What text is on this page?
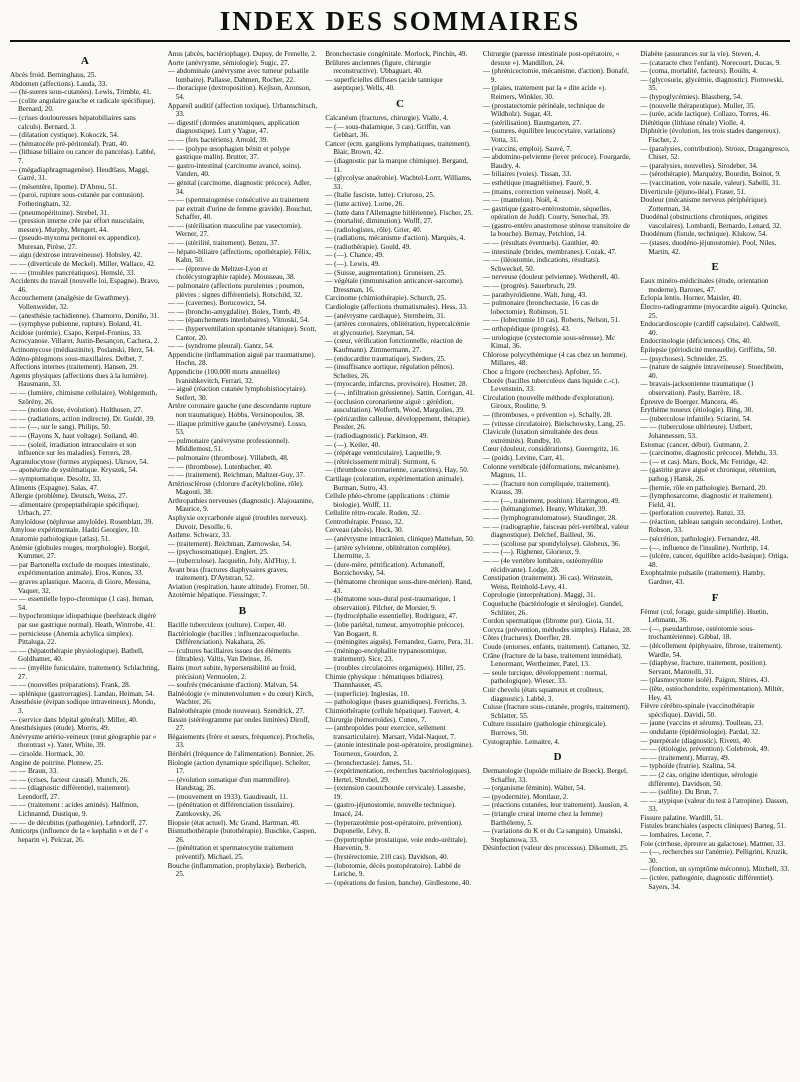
INDEX DES SOMMAIRES
A
Abcès froid. Berninghaus, 25.
Abdomen (affections). Lauda, 33.
— (hi-sueres sous-cutanées). Lewis, Trimble, 41.
— (colite angulaire gauche et radicale spécifique). Bernard, 20.
— (crises douloureuses hépatobiliaires sans calculs). Bernard, 3.
— (dilatation cystique). Kokoczk, 54.
— (hématocèle pré-péritonéal). Pratt, 40.
— (lithiase biliaire ou cancer du pancréas). Labbé, 7.
— (mégadiaphragmagenèse). Heudtlass, Maggi, Garré, 31.
— (mésentère, lipome). D'Abreu, 51.
— (paroi, rupture sous-cutanée par contusion). Fotheringham, 32.
— (pneumopéritoine). Strebel, 31.
— (pression interne crée par effort musculaire, mesure). Murphy, Mengert, 44.
— (pseudo-myxoma peritonei ex appendice). Muresan, Pirèse, 27.
— aigu (dextrose intraveineuse). Hobsley, 42.
— — (diverticule de Meckel). Miller, Wallace, 42.
— — (troubles pancréatiques). Hemslé, 33.
Accidents du travail (nouvelle loi, Espagne). Bravo, 46.
Accouchement (analgésie de Gwathmey). Vollenweider, 32.
— (anesthésie rachidienne). Chamorro, Doniño, 31.
— (symphyse pubienne, rupture). Boland, 41.
Acidose (urémie). Csapo, Kerpel-Fronius, 33.
Acrocyanose. Villaret, Justin-Besançon, Cachera, 2.
Actinomycose (médiastinite). Poslanski, Herz, 54.
Adéno-phlegmons sous-maxillaires. Delbet, 7.
Affections internes (traitement). Hansen, 29.
Agents physiques (affections dues à la lumière). Hausmann, 33.
— — (lumière, chimisme cellulaire). Wohlgemuth, Szörény, 26.
— — (notion dose, évolution). Holthusen, 27.
— — (radiations, action indirecte). Dr. Guédé, 39.
— — (—, sur le sang). Philips, 50.
— — (Rayons X, haut voltage). Soiland, 40.
— — (soleil, irradiation intraoculaire et son influence sur les maladies). Ferrers, 28.
Agranulocytose (formes atypiques). Ukrsov, 54.
— aponéurite de systématique. Kryszek, 54.
— symptomatique. Desoltz, 33.
Aliments (Espagne). Salas, 47.
Allergie (problème). Deutsch, Weiss, 27.
— alimentaire (propeptathérapie spécifique). Urbach, 27.
Amyloïdose (néphrose amyloïde). Rosenblatt, 39.
Amylose expérimentale. Hadzi Georgiev, 10.
Anatomie pathologique (atlas). 51.
Anémie (globules rouges, morphologie). Borgel, Kummer, 27.
— par Bartonella exclude de moques intestinale, expérimentation animale). Eros, Kunos, 33.
— graves aplastique. Macera, di Giore, Messina, Vaquer, 32.
— — essentielle hypo-chromique (1 cas). Iteman, 54.
— hypochromique idiopathique (beefsteack digéré par sue gastrique normal). Heath, Wintrobe, 41.
— pernicieuse (Anemia achylica simplex). Pittaluga, 22.
— — (hépatothérapie physiologique). Bathell, Goldhamer, 40.
— — (myélite funiculaire, traitement). Schlachting, 27.
— — (nouvelles préparations). Frank, 28.
— splénique (gastrorragies). Landau, Heiman, 54.
Anesthésie (évipan sodique intraveineux). Mondo, 3.
— (service dans hôpital général). Miller, 40.
Anesthésiques (étude). Morris, 49.
Anévrysme artério-veineux (rœut géographie par « thorotrast »). Yater, White, 39.
— cirsoïde. Hormack, 30.
Angine de poitrine. Plotnew, 25.
— — Braun, 33.
— — (crises, facteur causal). Munch, 26.
— — (diagnostic différentiel, traitement). Leendorff, 27.
— — (traitement : acides aminés). Halfmon, Lichnannd, Dustique, 9.
— — de décubitus (pathogénie). Lehndorff, 27.
Anticorps (influence de la « kephalin » et de l' « heparin »). Pelczar, 26.
Anus (abcès, bactériophage). Dupuy, de Frenelle, 2.
Aorte (anévrysme, sémiologie). Sugic, 27.
— abdominale (anévrysme avec tumeur pulsatile lombaire). Pallasse, Dahmen, Rocher, 22.
— thoracique (dextroposition). Kejlson, Aronson, 54.
Appareil auditif (affection toxique). Urbantschitsch, 33.
— digestif (données anatomiques, application diagnostique). Lurt y Yague, 47.
— — (fers bactériens). Arnold, 39.
— — (polype œsophagien bénin et polype gastrique malin). Brutter, 37.
— gastro-intestinal (carcinome avancé, soins). Vanden, 40.
— génital (carcinome, diagnostic précoce). Adler, 34.
— — (spermatogenèse consécutive au traitement par extrait d'urine de femme gravide). Bouchut, Schaffer, 40.
— — (stérilisation masculine par vasectomie). Werner, 27.
— — (stérilité, traitement). Benzu, 37.
— hépato-biliaire (affections, opothérapie). Félix, Kahn, 50.
— — (épreuve de Meltzer-Lyon et cholécystographie rapide). Mousseau, 38.
— pulmonaire (affections purulentes ; poumon, plèvres : signes différentiels). Rotschild, 32.
— — (cavernes). Borucowicz, 54.
— — (broncho-amygdalite). Bolex, Tomb, 49.
— — (épanchements interlobaires). Vitnoski, 54.
— — (hyperventilation spontanée tétanique). Scott, Cantor, 20.
— — (syndrome pleural). Gantz, 54.
Appendicite (inflammation aiguë par traumatisme). Hochn, 28.
Appendicite (100.000 morts annuelles) Ivanishkevitch, Ferrari, 32.
— aiguë (réaction cutanée lymphohistiocytaire). Seifert, 30.
Artère coronaire gauche (une descendante rupture non traumatique). Hobbs, Versinopoulos, 38.
— iliaque primitive gauche (anévrysme). Losso, 53.
— pulmonaire (anévrysme professionnel). Middlemost, 51.
— pulmonaire (thrombose). Villabeth, 48.
— — (thrombose). Lutenbacher, 40.
— — (traitement). Reichman, Maltzer-Guy, 37.
Artériosclérose (chlorure d'acétylcholine, rôle). Magouti, 38.
Arthropathies nerveuses (diagnostic). Alajouanine, Maurice, 9.
Asphyxie oxycarbonée aiguë (troubles nerveux). Duvoir, Desoille, 6.
Asthme. Schwarz, 33.
— (traitement). Reichman, Zarnowske, 54.
— (psychosomatique). Englert, 25.
— (tuberculose). Jacquelin, Joly, Ald'Huy, 1.
Avant bras (fractures diaphysaires graves, traitement). D'Aytstran, 52.
Aviation (respiration, haute altitude). Fromer, 50.
Azotémie hépatique. Fiessinger, 7.
B
Bacille tuberculeux (culture). Corper, 40.
Bactériologie (bacilles ; influenzacoqueluche. Différenciation). Nakahara, 26.
— (cultures bacillaires issues des éléments filtrables). Valtis, Van Deinse, 16.
Bains (mort subite, hypersensibilité au froid, précision) Vermoolen, 2.
— soufrés (mécanisme d'action). Malvan, 54.
Balnéologie (« minutenvolumen » du cœur) Kirch, Wachter, 26.
Balnéothérapie (mode nouveau). Szendrick, 27.
Bassin (stéréogramme par ondes limitées) Diroff, 27.
Bégaiements (frère et sœurs, fréquence). Prochelis, 33.
Béribéri (fréquence de l'alimentation). Bonnier, 26.
Biologie (action dynamique spécifique). Schelter, 17.
— (évolution somatique d'un mammifère). Handstag, 26.
— (mouvement en 1933). Gaudreault, 11.
— (pénétration et différenciation tissulaire). Zamkovsky, 26.
Biopsie (état actuel). Mc Grand, Hartman, 40.
Bismuthothérapie (butothérapie). Buschke, Caspen, 26.
— (pénétration et spermatocytite traitement préventif). Michael, 25.
Bouche (inflammation, prophylaxie). Berberich, 25.
Bronchectasie congénitale. Morlock, Pinchin, 49.
Brûlures anciennes (figure, chirurgie reconstructive). Ubbaguart, 40.
— superficielles diffuses (acide tannique aseptique). Wells, 40.
C
Calcanéum (fractures, chirurgie). Vialle, 4.
— (— sous-thalamique, 3 cas). Griffin, van Gebhart, 36.
Cancer (ecm. ganglions lymphatiques, traitement). Blair, Brown, 42.
— (diagnostic par la marque chimique). Bergand, 11.
— (glycolyse anaérobie). Wachtel-Lorrt, Williams, 33.
— (Italie fasciste, lutte). Criuroso, 25.
— (lutte active). Lorne, 26.
— (lutte dans l'Allemagne hitlérienne). Fischer, 25.
— (mortalité, diminution). Wolff, 27.
— (radiologistes, rôle). Grier, 40.
— (radiations, mécanisme d'action). Marquès, 4.
— (radiothérapie). Gould, 49.
— (—). Chance, 49.
— (—). Lewis, 49.
— (Suisse, augmentation). Gruneisen, 25.
— végétale (immunisation anticancer-sarcome). Dressman, 16.
Carcinome (chimiothérapie). Schurch, 25.
Cardiologie (affections rhumatismales). Hess, 33.
— (anévrysme cardiaque). Sternheim, 31.
— (artères coronaires, oblitération, hypercalcémie et glycosurie). Szeyman, 54.
— (cœur, vérification fonctionnelle, réaction de Kaufmann). Zimmermann, 27.
— (endocardite traumatique). Sieders, 25.
— (insuffisance aortique, régulation pélnos). Scheltes, 26.
— (myocarde, infarctus, provisoire). Hosmer, 28.
— (—, infiltration gréssienne). Sattin, Corrigan, 41.
— (occlusion coronarienne aiguë : gérédion, auscultation). Wolferth, Wood, Margolies, 39.
— (péricardite calleuse, développement, thérapie). Pessler, 26.
— (radiodiagnostic). Parkinson, 49.
— (—). Keiler, 40.
— (répérage ventriculaire). Laqueille, 9.
— (rétrécissement mitral). Surmont, 6.
— (thrombose coronarienne, caractères). Hay, 50.
Cartilage (coloration, expérimentation animale). Burman, Sutro, 43.
Cellule phéo-chrome (applications : chimie biologie). Wolff, 11.
Cellulite rétro-rocale. Roden, 32.
Centrothérapie. Prusso, 32.
Cerveau (abcès). Hock, 30.
— (anévrysme intracrânien, clinique) Mattehan, 50.
— (artère sylvienne, oblitération complète). Lhermitte, 3.
— (dure-mère, pétrification). Achmanoff, Borzichovsky, 54.
— (hématome chronique sous-dure-mérien). Rand, 43.
— (hématome sous-dural post-traumatique, 1 observation). Pilcher, de Morsier, 9.
— (hydrocéphalie essentielle). Rodriguez, 47.
— (lobe pariétal, tumeur, amyotrophie précoce). Van Bogaert, 8.
— (méningites aiguës). Fernandez, Garre, Pera, 31.
— (méningo-encéphalite trypanosomique, traitement). Sice, 23.
— (troubles circulatoires organiques). Hiller, 25.
Chimie (physique : hématiques biliaires). Thannhauser, 45.
— (superficie). Inglesias, 10.
— pathologique (bases guanidiques). Frerichs, 3.
Chimiothérapie (cellule hépatique). Fauvert, 4.
Chirurgie (hémorroïdes). Cuneo, 7.
— (anthropoïdes pour exercice, sellement transarticulaire). Marsarr, Vidal-Naquet, 7.
— (atonie intestinale post-opératoire, prostigmine). Tourneux, Gourdon, 2.
— (bronchectasie). James, 51.
— (expérimentation, recherches bactériologiques). Hertel, Shrobel, 29.
— (extension caoutchoutée cervicale). Lassesbe, 19.
— (gastro-jéjunostomie, nouvelle technique). Imacé, 24.
— (hyperazotémie post-opératoire, prévention). Duponelle, Lévy, 8.
— (hypertrophie prostatique, voie endo-urétrale). Huevenin, 9.
— (hystérectomie, 210 cas). Davidson, 40.
— (lobotomie, décès postopératoire). Labbé de Leriche, 9.
— (opérations de fusion, banche). Girdlestone, 40.
Chirurgie (paresse intestinale post-opératoire, « desuxe »). Mandillon, 24.
— (phrénicectomie, mécanisme, d'action). Bonafé, 9.
— (plaies, traitement par la « dite acide »). Reimers, Winkler, 30.
— (prostatectomie périnéale, technique de Wildholz). Sugar, 43.
— (stérilisation). Baumgarten, 27.
— (sutures, équilibre leucocytaire, variations) Votta, 31.
— (vaccins, emploi). Sauvé, 7.
— abdomino-pelvienne (lever précoce). Fourgarde, Baudry, 4.
— biliaires (voies). Tissan, 33.
— esthétique (magnétisme). Fauré, 9.
— (mains, correction veineuse). Noël, 4.
— — (mamelon). Noël, 4.
— gastrique (gastro-entérostomie, séquelles, opération de Judd). Courty, Senechal, 39.
— (gastro-entéro anastomose sténose transitoire de la bouche). Bernay, Petchlon, 14.
— — (résultats éventuels). Gauthier, 40.
— intestinale (brides, membranes). Cozak, 47.
— — (iléostomie, indications, résultats). Schweckel, 50.
— nerveuse (douleur pelvienne). Wetherell, 40.
— — (progrès). Sauerbruch, 29.
— parathyroïdienne. Walt, Jung, 43.
— pulmonaire (bronchectasie, 16 cas de lobectomie). Robinson, 51.
— — (lobectomie 10 cas). Roberts, Nelson, 51.
— orthopédique (progrès). 43.
— urologique (cystectomie sous-séreuse). Mc Kimal, 36.
Chlorose polycythémique (4 cas chez un homme). Millares, 48.
Choc a frigore (recherches). Apfolter, 55.
Chorée (bacilles tuberculeux dans liquide c.-r.). Levenstein, 33.
Circulation (nouvelle méthode d'exploration). Giroux, Roulitte, 9.
— (thromboses, « prévention »). Schally, 28.
— (vitesse circulatoire). Bielschowsky, Lang, 25.
Clavicule (luxation simultanée des deux extrémités). Rundby, 10.
Cœur (douleur, considérations). Guerngritz, 16.
— (poids). Levine, Carr, 41.
Colonne vertébrale (déformations, mécanisme). Magnus, 11.
— — (fracture non compliquée, traitement). Krauss, 39.
— — (—, traitement, position). Harrington, 49.
— — (hémangiome). Heany, Whitaker, 39.
— — (lymphogranulomatose). Staudinger, 28.
— — (radiographie, faisceau péri-vertébral, valeur diagnostique). Delchef, Bailleul, 36.
— — (scoliose par spondylolyse). Globeux, 36.
— — (—). Rigbener, Glorieux, 9.
— — (4e vertèbre lombaire, ostéomyélite récidivante). Lodge, 28.
Constipation (traitement). 36 cas). Wrinstein, Weiss, Reinhold-Levy, 41.
Coprologie (interprétation). Maggi, 31.
Coqueluche (bactériologie et sérologie). Gundel, Schlüter, 26.
Cordon spermatique (fibrome pur). Gioia, 31.
Coryza (prévention, méthodes simples). Halasz, 28.
Côtes (fractures). Doerfler, 28.
Coude (entorses, enfants, traitement). Cattaneo, 32.
Crâne (fracture de la base, traitement immédiat). Lenormant, Wertheimer, Patel, 13.
— seule turcique, développement : normal, pathologique). Wieser, 33.
Cuir chevelu (états squameux et croûteux, diagnostic). Labbé, 3.
Cuisse (fracture sous-cutanée, progrès, traitement). Schlatter, 55.
Culture tissulaire (pathologie chirurgicale). Burrows, 50.
Cystographie. Lemaitre, 4.
D
Dermatologie (lupoïde miliaire de Boeck). Bergel, Schaffer, 33.
— (organisme féminin). Walter, 54.
— (pyodermite). Montlaur, 2.
— (réactions cutanées, leur traitement). Jausion, 4.
— (triangle crural interne chez la femme) Barthélemy, 5.
— (variations du K et du Ca sanguin). Umanski, Stephanowa, 33.
Désinfection (valeur des processus). Dikomeit, 25.
Diabète (assurances sur la vie). Steven, 4.
— (cataracte chez l'enfant). Norecourt, Ducas, 9.
— (coma, mortalité, facteurs). Rouiln, 4.
— (glycosurie, glycémie, diagnostic). Piotrowski, 35.
— (hypoglycémies). Blassberg, 54.
— (nouvelle thérapeutique). Muller, 35.
— (urée, acide lactique). Collazo, Torres, 46.
Diététique (lithiase rénale) Violle, 4.
Diphtérie (évolution, les trois stades dangereux). Fischer, 2.
— (paralysies, contribution). Stroux, Dragangresco, Chiser, 52.
— (paralysies, nouvelles). Sirodeber, 34.
— (sérothérapie). Marquézy, Bourdin, Boinot, 9.
— (vaccination, voie nasale, valeur). Sabelli, 31.
Diverticule (jéjuno-iléal). Fraser, 51.
Douleur (mécanisme nerveux périphérique). Zotterman, 34.
Duodénal (obstructions chroniques, origines vasculaires). Lombardi, Bernardo, Lenard, 32.
Duodénum (fistule, technique). Klukow, 54.
— (stases, duodéno-jéjunostomie). Pool, Niles, Martin, 42.
E
Eaux minéro-médicinales (étude, orientation moderne). Baroues, 47.
Eclopia lentis. Horner, Maisler, 40.
Électro-radiogramme (myocardite aiguë). Quincke, 25.
Endocardioscopie (cardiff capsulaire). Caldwell, 40.
Endocrinologie (déficiences). Obs, 40.
Épilepsie (périodicité mensuelle). Griffiths, 50.
— (psychoses). Schneider, 25.
— (nature de saignée intraveineuse). Stoechbeim, 40.
— bravais-jacksonienne traumatique (1 observation). Pauly, Barrère, 18.
Épreuve de Boerger. Mancera, 46.
Erythème noueux (étiologie). Bing, 30.
— (tuberculose infantile). Sciarini, 54.
— — (tuberculose ultérieure). Ustbert, Johannessen, 53.
Estomac (cancer, début). Gutmann, 2.
— (carcinome, diagnostic précoce). Mehdu, 33.
— (— et cas). Mars, Bock, Mc Fetridge, 42.
— (gastrite grave aiguë et chronique, rétention, pathog.) Hansk, 26.
— (hernie, rôle en pathologie). Bernard, 20.
— (lymphosarcome, diagnostic et traitement). Field, 41.
— (perforation couverte). Ranzi, 33.
— (réaction, tableau sanguin secondaire). Lothet, Robson, 33.
— (sécrétion, pathologie). Fernandez, 48.
— (—, influence de l'insuline). Northrip, 14.
— (ulcère, cancer, équilibre acido-basique). Ortiga, 48.
Exophtalmie pulsatile (traitement). Hamby, Gardner, 43.
F
Fémur (col, forage, guide simplifié). Huetin, Lehmann, 36.
— (—, pseudarthrose, ostéotomie sous-trochantérienne). Gibbal, 18.
— (décollement épiphysaire, fibrose, traitement). Wardle, 54.
— (diaphyse, fracture, traitement, position). Servant, Marotolli, 31.
— (plasmocytome isolé). Paigon, Shires, 43.
— (tête, ostéochondrite, expérimentation). Miltér, Hey, 43.
Fièvre cérébro-spinale (vaccinothérapie spécifique). Davidi, 50.
— jaune (vaccins et sérums). Toulleau, 23.
— ondulante (épidémiologie). Pardal, 32.
— puerpérale (diagnostic). Rivetti, 40.
— — (étiologie, prévention). Colebrook, 49.
— — (traitement). Murray, 49.
— typhoïde (fratrie). Szalina, 54.
— — (2 cas, origine identique, sérologie différente). Davidson, 50.
— — (sulfite). Du Brun, 7.
— — atypique (valeur du test à l'atropine). Dassen, 33.
Fissure palatine. Wardill, 51.
Fistules branchiales (aspects cliniques) Barteg, 51.
— lombaires. Lecene, 7.
Foie (cirrhose, épreuve au galactose). Mattner, 33.
— (—, recherches sur l'anémie). Pelligrini, Kruzik, 30.
— (fonction, un symptôme méconnu). Mitchell, 33.
— (ictère, pathogénie, diagnostic différentiel). Sayers, 34.
